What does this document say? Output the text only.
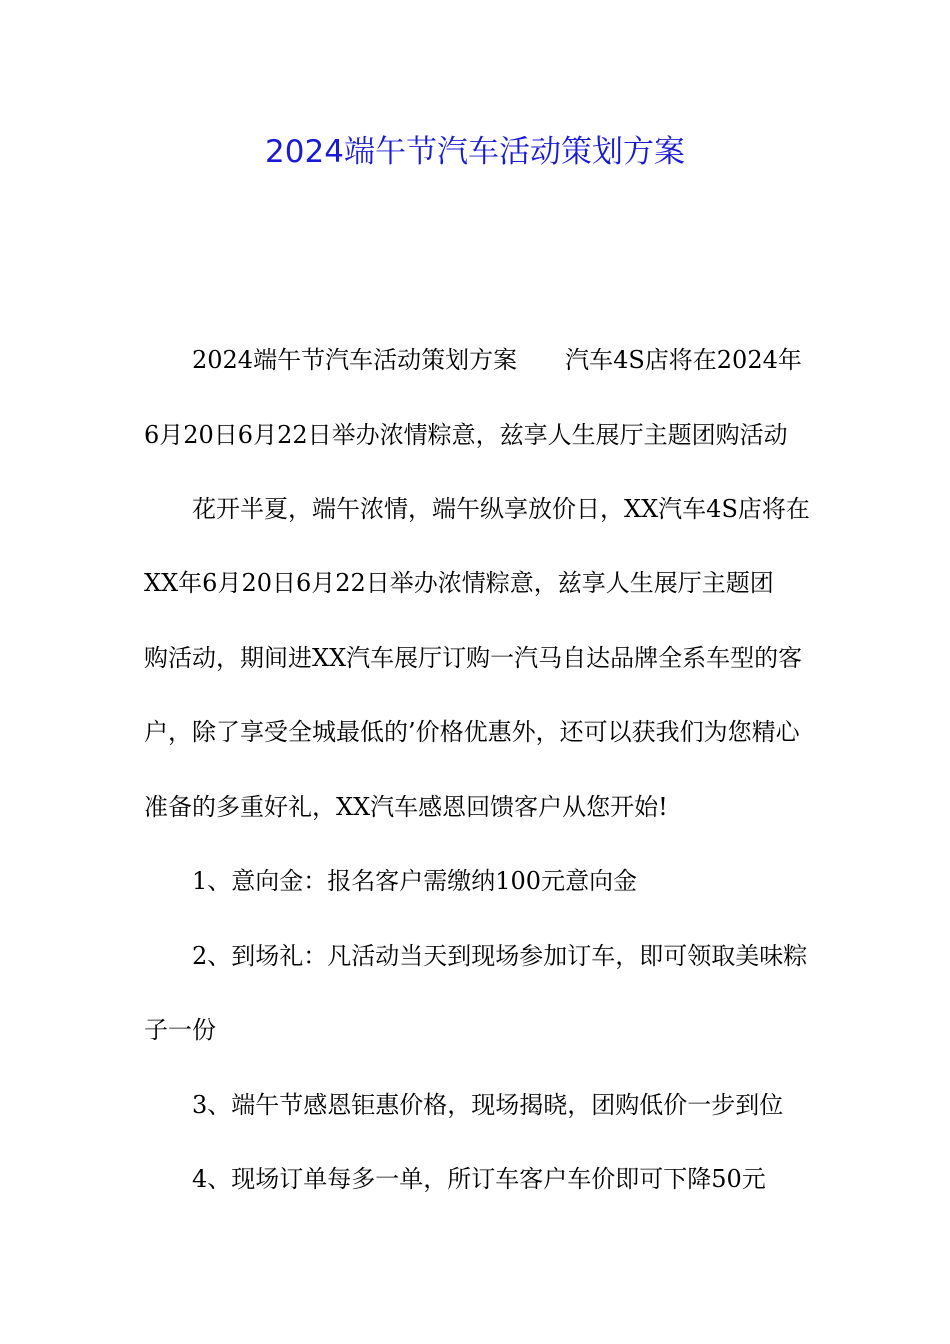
2024端午节汽车活动策划方案
2024端午节汽车活动策划方案　　汽车4S店将在2024年
6月20日6月22日举办浓情粽意，兹享人生展厅主题团购活动
花开半夏，端午浓情，端午纵享放价日，XX汽车4S店将在
XX年6月20日6月22日举办浓情粽意，兹享人生展厅主题团
购活动，期间进XX汽车展厅订购一汽马自达品牌全系车型的客
户，除了享受全城最低的’价格优惠外，还可以获我们为您精心
准备的多重好礼，XX汽车感恩回馈客户从您开始!
1、意向金：报名客户需缴纳100元意向金
2、到场礼：凡活动当天到现场参加订车，即可领取美味粽
子一份
3、端午节感恩钜惠价格，现场揭晓，团购低价一步到位
4、现场订单每多一单，所订车客户车价即可下降50元
